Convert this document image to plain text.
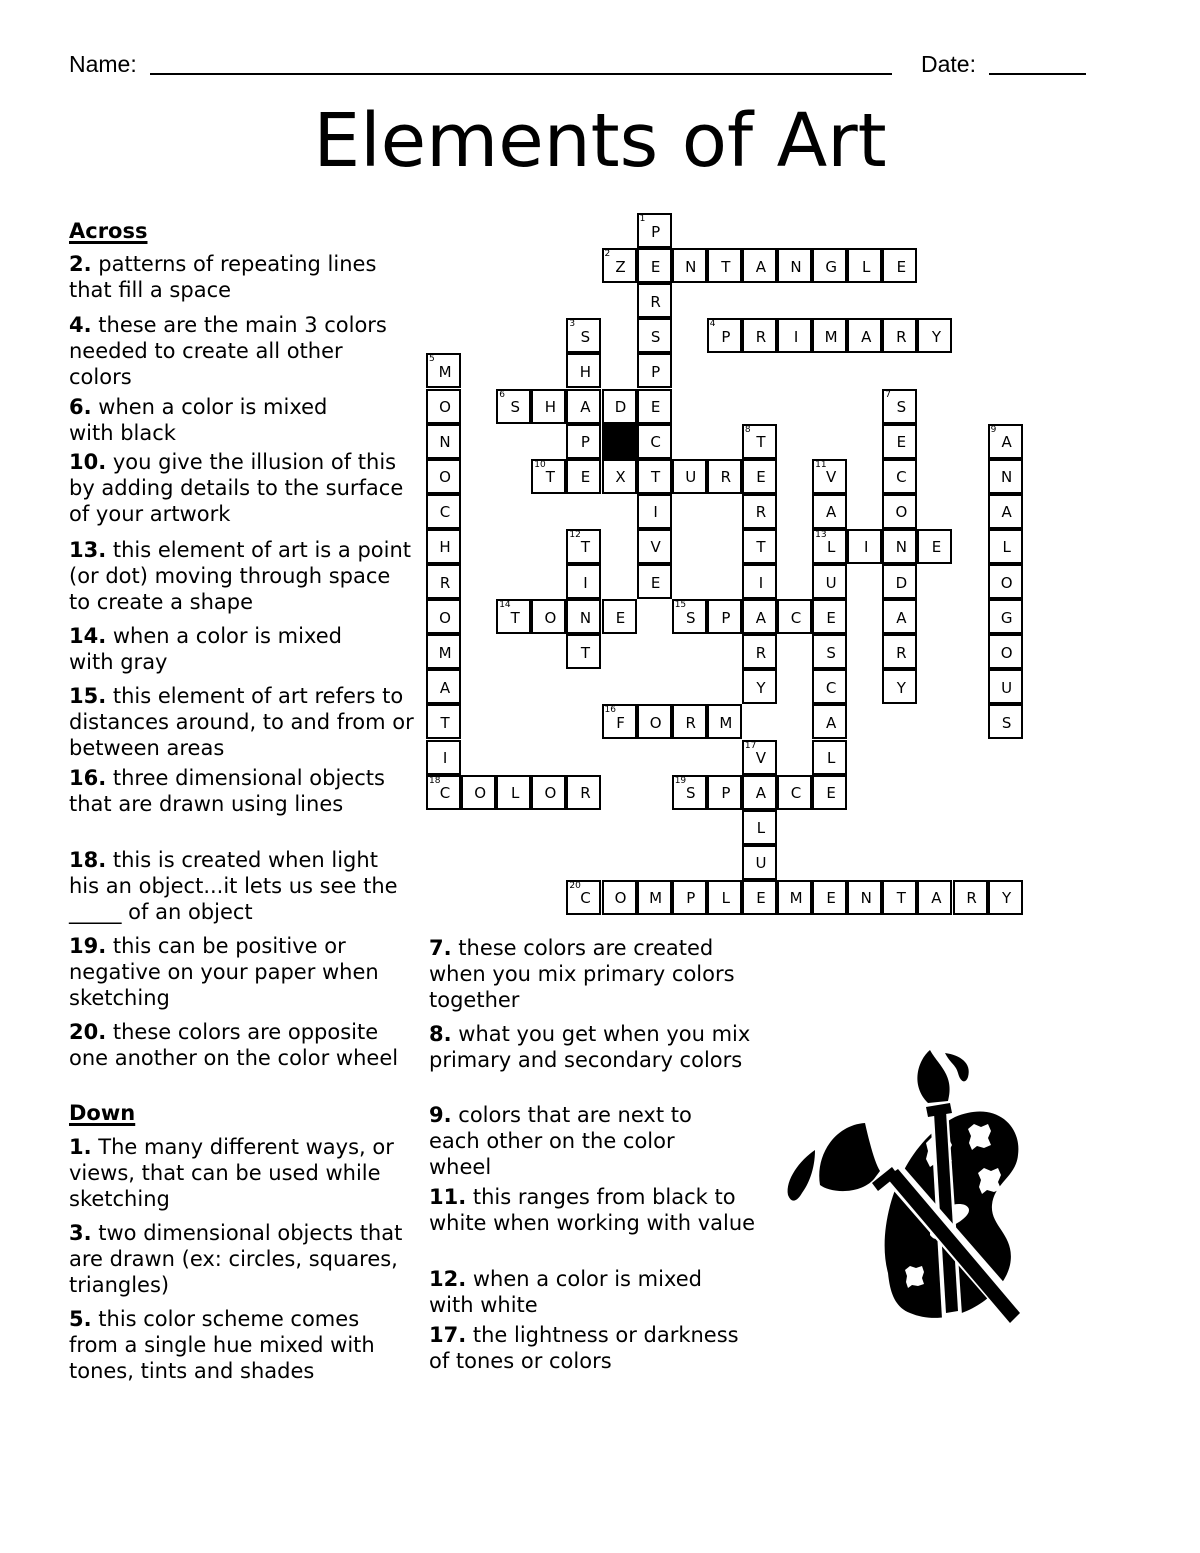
Name:	Date:
Elements of Art
Across
2. patterns of repeating lines that fill a space
4. these are the main 3 colors needed to create all other colors
6. when a color is mixed with black
10. you give the illusion of this by adding details to the surface of your artwork
13. this element of art is a point (or dot) moving through space to create a shape
14. when a color is mixed with gray
15. this element of art refers to distances around, to and from or between areas
16. three dimensional objects that are drawn using lines
18. this is created when light his an object...it lets us see the _____ of an object
19. this can be positive or negative on your paper when sketching
20. these colors are opposite one another on the color wheel
Down
1. The many different ways, or views, that can be used while sketching
3. two dimensional objects that are drawn (ex: circles, squares, triangles)
5. this color scheme comes from a single hue mixed with tones, tints and shades
7. these colors are created when you mix primary colors together
8. what you get when you mix primary and secondary colors
9. colors that are next to each other on the color wheel
11. this ranges from black to white when working with value
12. when a color is mixed with white
17. the lightness or darkness of tones or colors
1
P
E
R
S
P
E
C
T
I
V
E
2
Z	N T A N G L E
3
S
H
A
P
E
4
P R I M A R Y
5
M
O
N
O
C
H
R
O
M
A
T
I
18
C
6
S H	D
7
S
E
C
O
N
D
A
R
Y
8
T
E
R
T
I
A
R
Y
9
A
N
A
L
O
G
O
U
S
10
T	X	U R
11
V
A
13
L
U
E
S
C
A
L
E
12
T
I
N
T
I	E
14
T O	E
15
S P	C
16
F O R M
17
V
A
L
U
E
O L O R
19
S P	C
20
C O M P L	M E N T A R Y
